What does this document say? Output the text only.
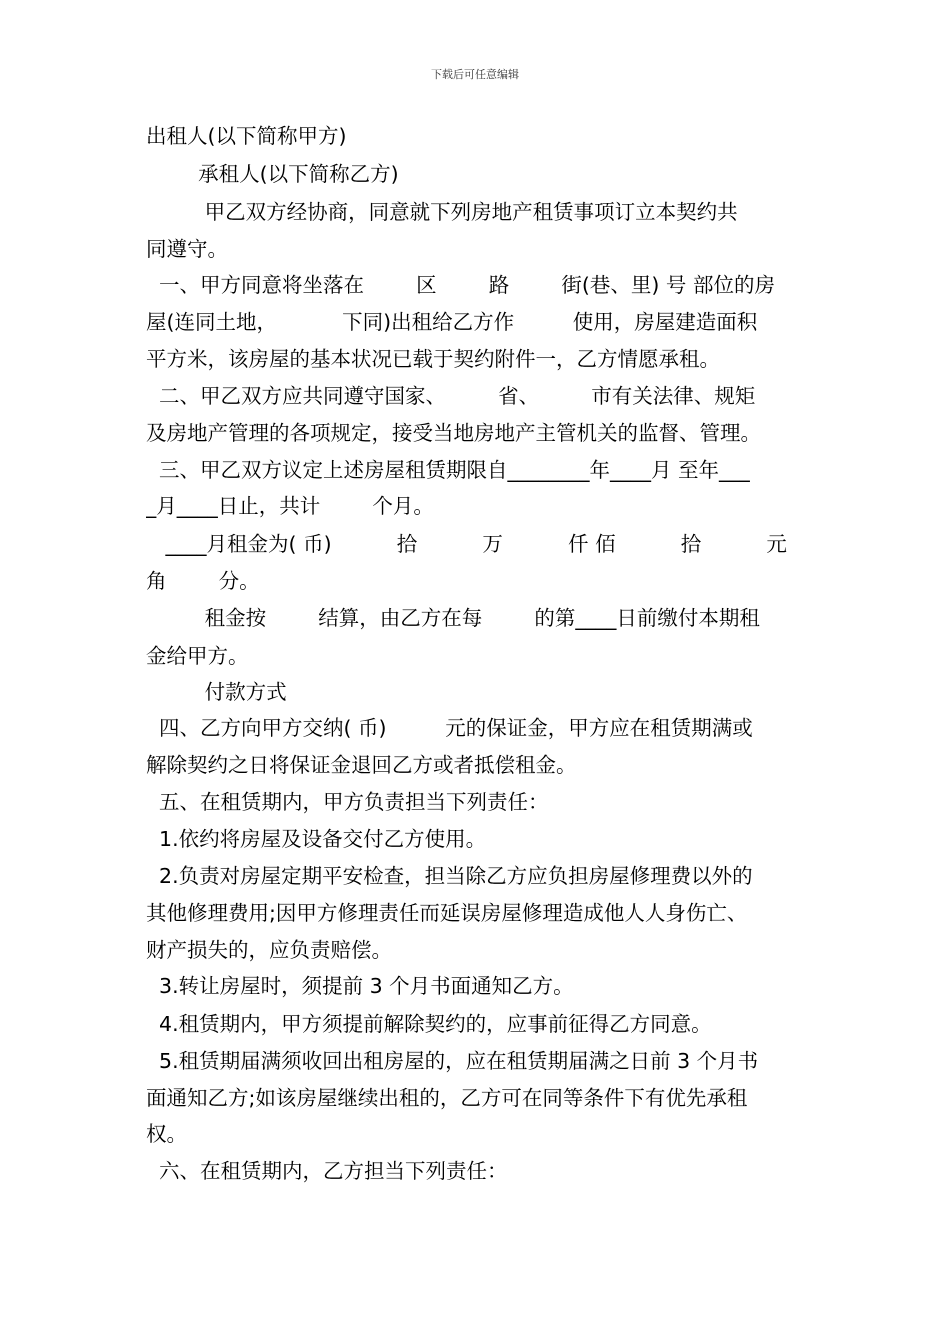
下载后可任意编辑
出租人(以下简称甲方)
承租人(以下简称乙方)
甲乙双方经协商，同意就下列房地产租赁事项订立本契约共
同遵守。
一、甲方同意将坐落在        区        路        街(巷、里) 号 部位的房
屋(连同土地，          下同)出租给乙方作         使用，房屋建造面积
平方米，该房屋的基本状况已载于契约附件一，乙方情愿承租。
二、甲乙双方应共同遵守国家、        省、        市有关法律、规矩
及房地产管理的各项规定，接受当地房地产主管机关的监督、管理。
三、甲乙双方议定上述房屋租赁期限自________年____月 至年___
_月____日止，共计        个月。
____月租金为( 币)          拾          万          仟 佰          拾          元
角        分。
租金按        结算，由乙方在每        的第____日前缴付本期租
金给甲方。
付款方式
四、乙方向甲方交纳( 币)         元的保证金，甲方应在租赁期满或
解除契约之日将保证金退回乙方或者抵偿租金。
五、在租赁期内，甲方负责担当下列责任：
1.依约将房屋及设备交付乙方使用。
2.负责对房屋定期平安检查，担当除乙方应负担房屋修理费以外的
其他修理费用;因甲方修理责任而延误房屋修理造成他人人身伤亡、
财产损失的，应负责赔偿。
3.转让房屋时，须提前 3 个月书面通知乙方。
4.租赁期内，甲方须提前解除契约的，应事前征得乙方同意。
5.租赁期届满须收回出租房屋的，应在租赁期届满之日前 3 个月书
面通知乙方;如该房屋继续出租的，乙方可在同等条件下有优先承租
权。
六、在租赁期内，乙方担当下列责任：
